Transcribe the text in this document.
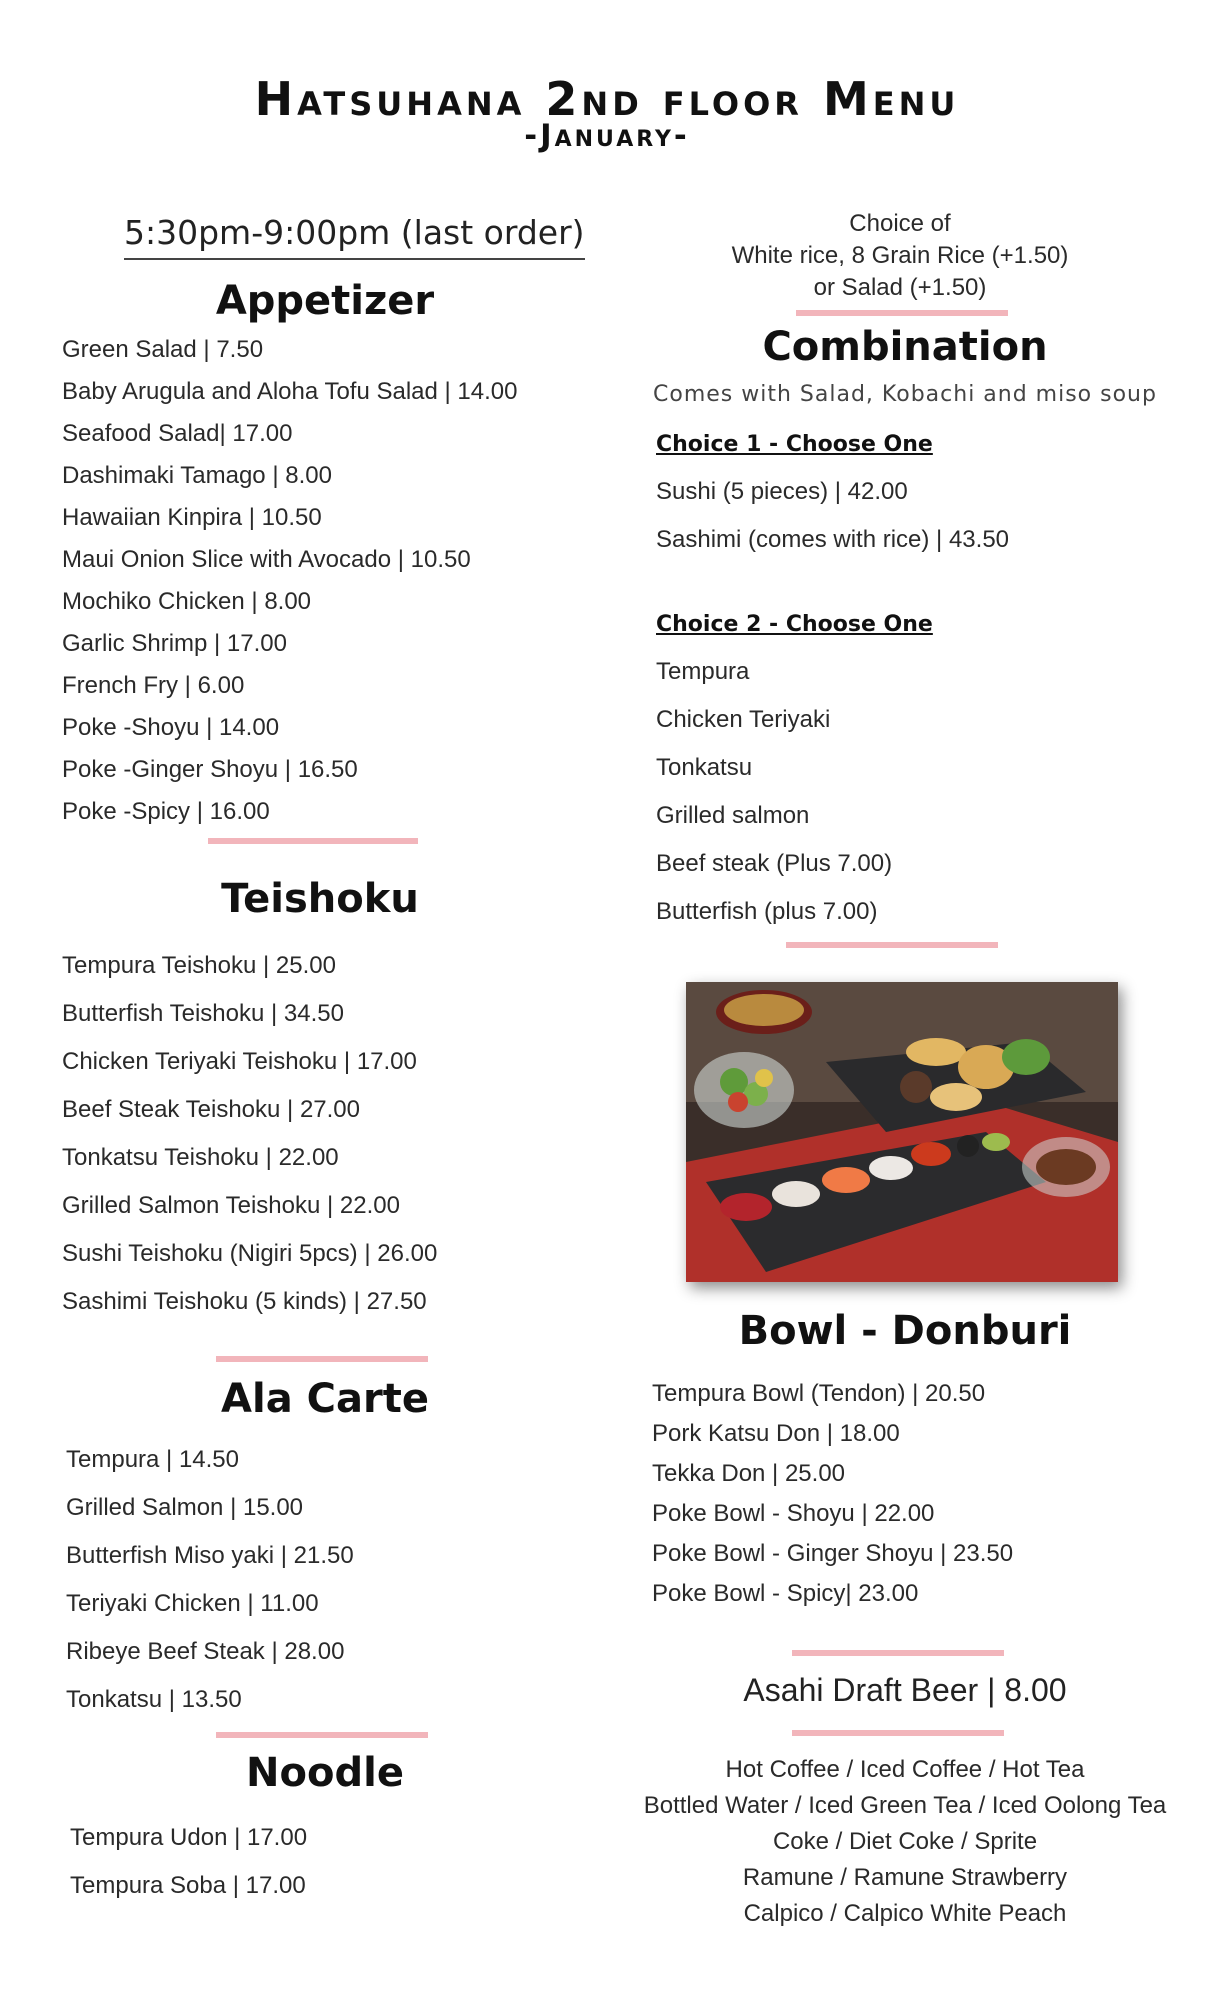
Hatsuhana 2nd floor Menu
-January-
5:30pm-9:00pm (last order)
Appetizer
Green Salad | 7.50
Baby Arugula and Aloha Tofu Salad | 14.00
Seafood Salad| 17.00
Dashimaki Tamago | 8.00
Hawaiian Kinpira | 10.50
Maui Onion Slice with Avocado | 10.50
Mochiko Chicken | 8.00
Garlic Shrimp | 17.00
French Fry | 6.00
Poke -Shoyu | 14.00
Poke -Ginger Shoyu | 16.50
Poke -Spicy | 16.00
Teishoku
Tempura Teishoku | 25.00
Butterfish Teishoku | 34.50
Chicken Teriyaki Teishoku | 17.00
Beef Steak Teishoku | 27.00
Tonkatsu Teishoku | 22.00
Grilled Salmon Teishoku | 22.00
Sushi Teishoku (Nigiri 5pcs) | 26.00
Sashimi Teishoku (5 kinds) | 27.50
Ala Carte
Tempura | 14.50
Grilled Salmon | 15.00
Butterfish Miso yaki | 21.50
Teriyaki Chicken | 11.00
Ribeye Beef Steak | 28.00
Tonkatsu | 13.50
Noodle
Tempura Udon | 17.00
Tempura Soba | 17.00
Choice of
White rice, 8 Grain Rice (+1.50)
or Salad (+1.50)
Combination
Comes with Salad, Kobachi and miso soup
Choice 1 - Choose One
Sushi (5 pieces) | 42.00
Sashimi (comes with rice) | 43.50
Choice 2 - Choose One
Tempura
Chicken Teriyaki
Tonkatsu
Grilled salmon
Beef steak (Plus 7.00)
Butterfish (plus 7.00)
Bowl - Donburi
Tempura Bowl (Tendon) | 20.50
Pork Katsu Don | 18.00
Tekka Don | 25.00
Poke Bowl - Shoyu | 22.00
Poke Bowl - Ginger Shoyu | 23.50
Poke Bowl - Spicy| 23.00
Asahi Draft Beer | 8.00
Hot Coffee / Iced Coffee / Hot Tea
Bottled Water / Iced Green Tea / Iced Oolong Tea
Coke / Diet Coke / Sprite
Ramune / Ramune Strawberry
Calpico / Calpico White Peach
